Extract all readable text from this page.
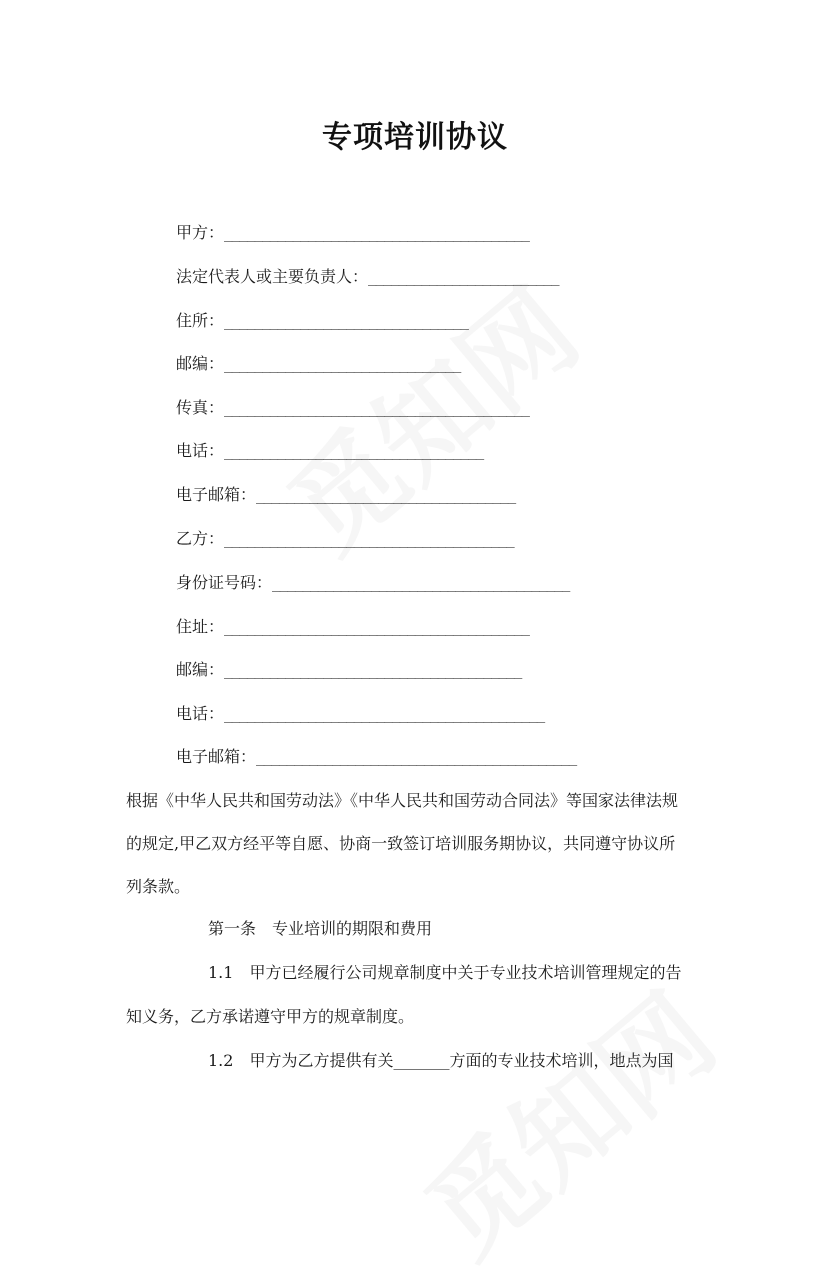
专项培训协议
甲方：________________________________________
法定代表人或主要负责人：_________________________
住所：________________________________
邮编：_______________________________
传真：________________________________________
电话：__________________________________
电子邮箱：__________________________________
乙方：______________________________________
身份证号码：_______________________________________
住址：________________________________________
邮编：_______________________________________
电话：__________________________________________
电子邮箱：__________________________________________
根据《中华人民共和国劳动法》《中华人民共和国劳动合同法》等国家法律法规
的规定,甲乙双方经平等自愿、协商一致签订培训服务期协议，共同遵守协议所
列条款。
第一条　专业培训的期限和费用
1.1　甲方已经履行公司规章制度中关于专业技术培训管理规定的告
知义务，乙方承诺遵守甲方的规章制度。
1.2　甲方为乙方提供有关_______方面的专业技术培训，地点为国
